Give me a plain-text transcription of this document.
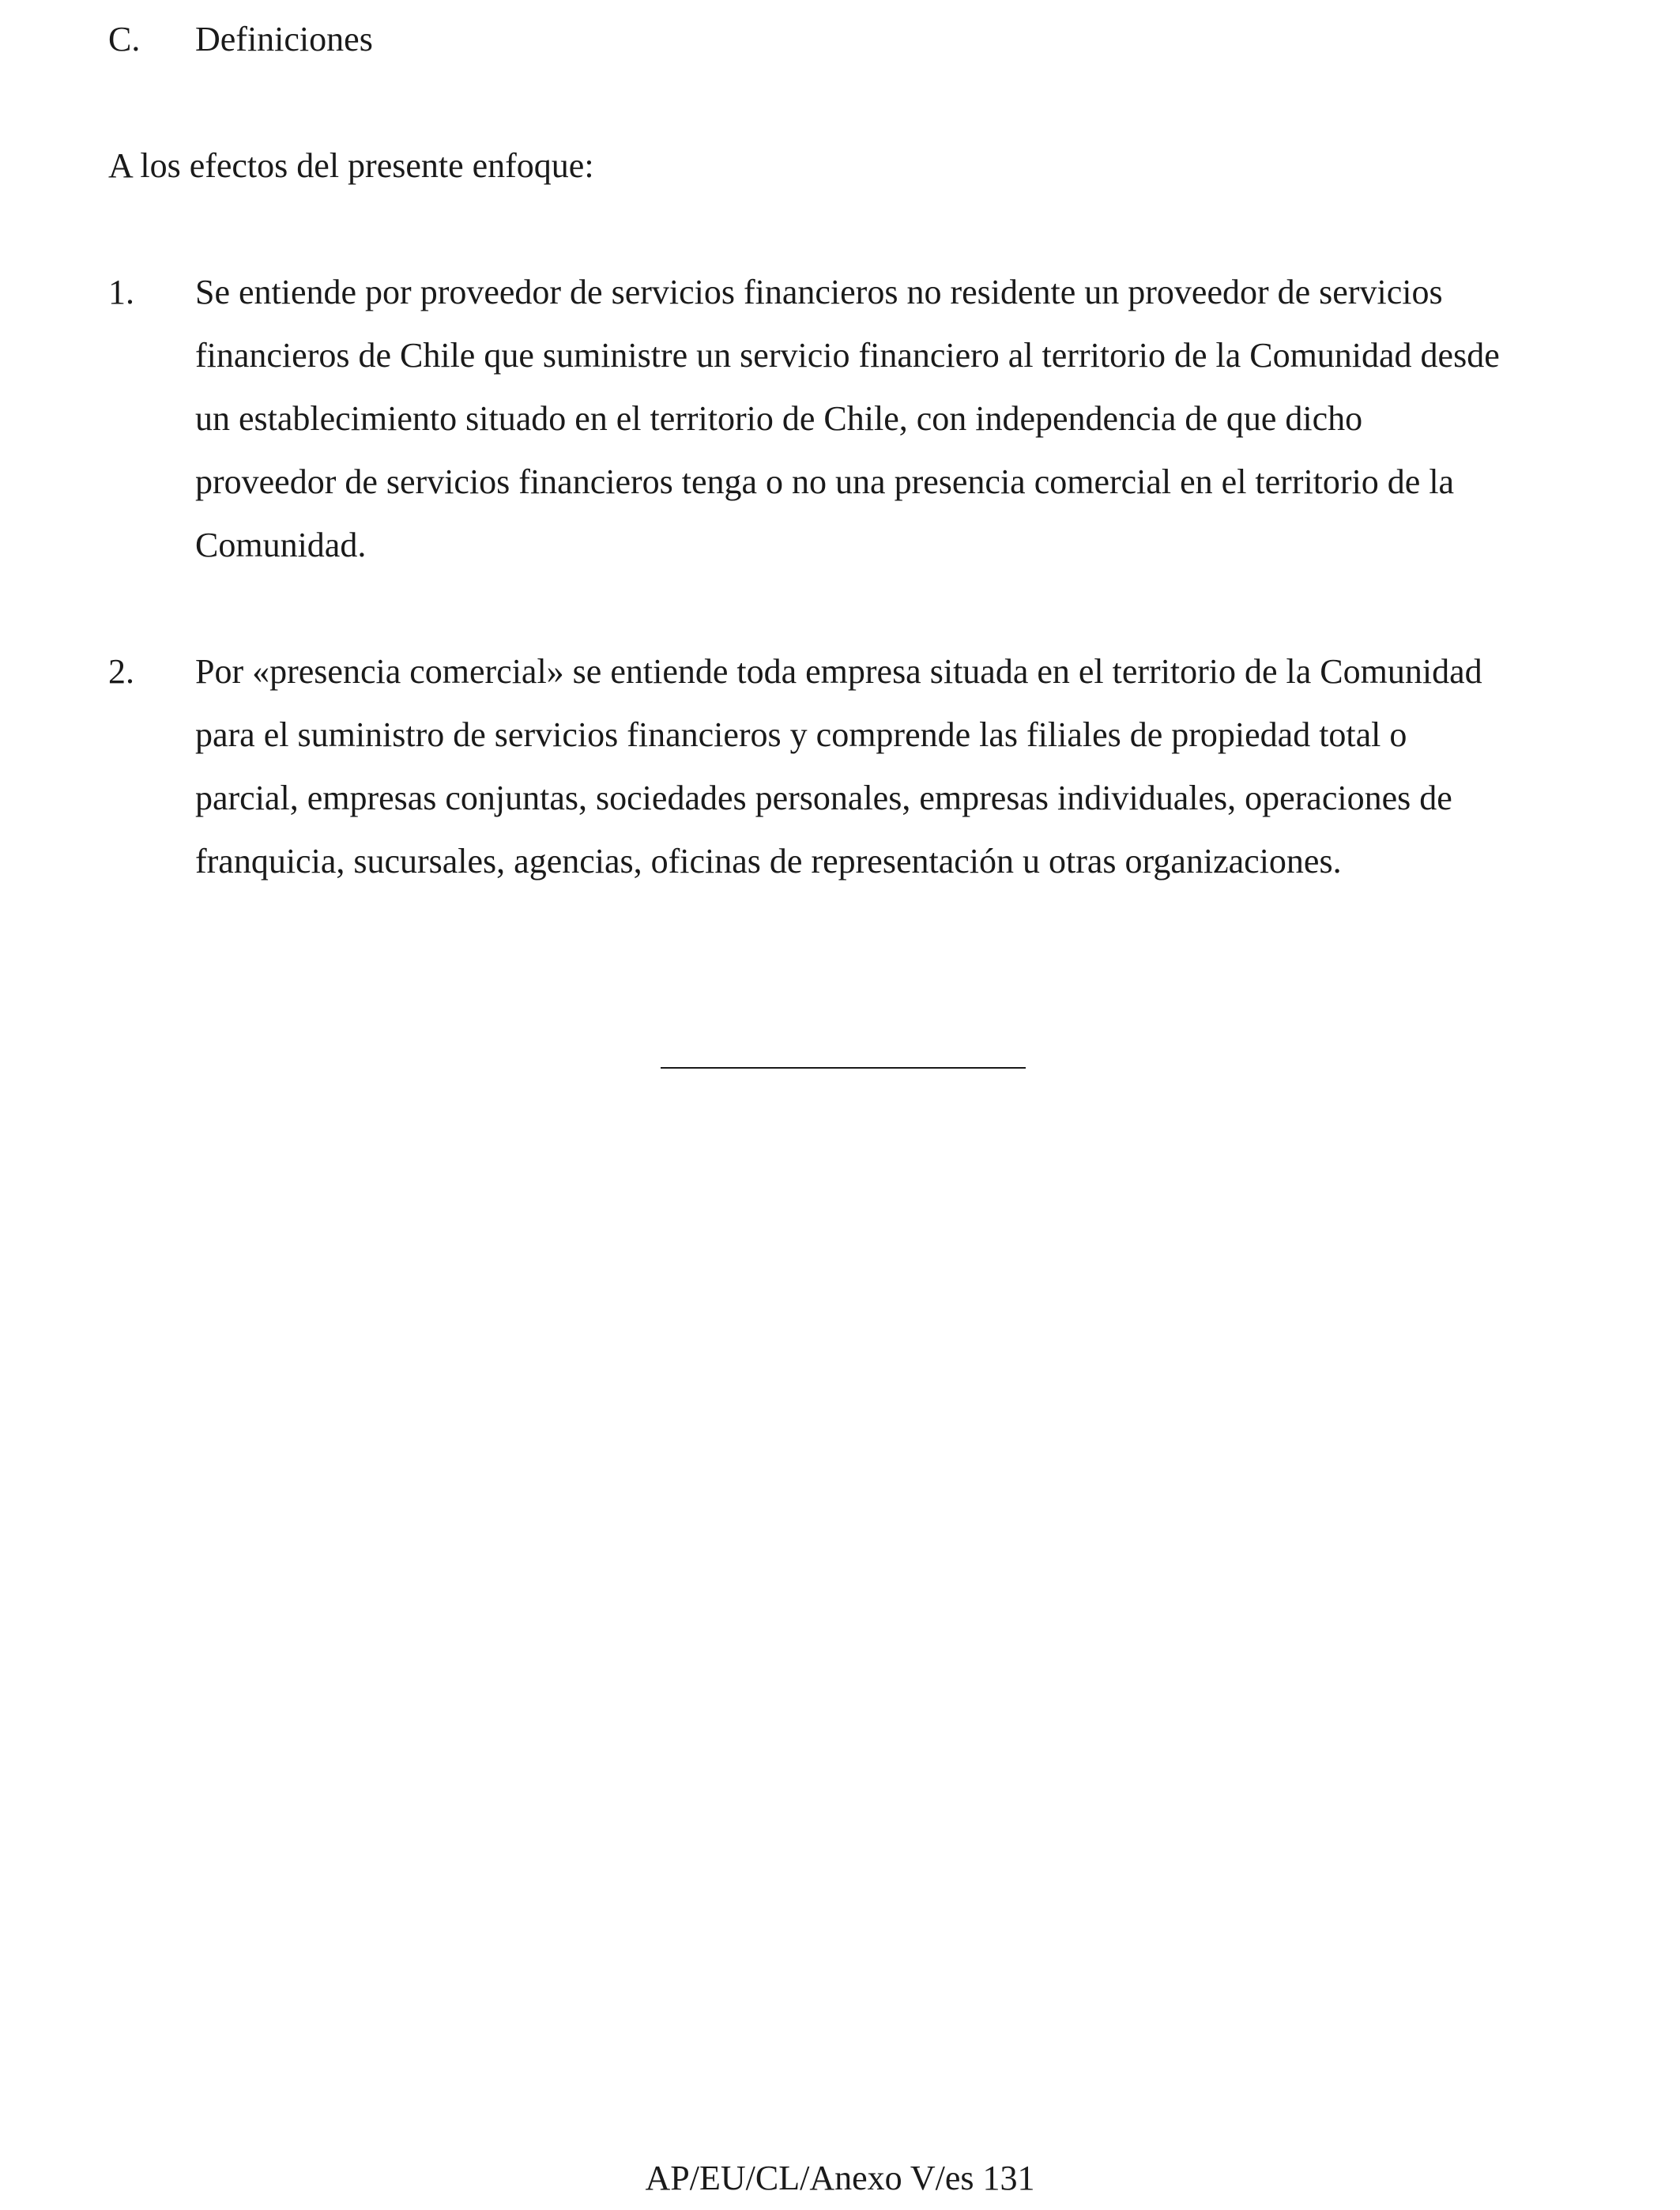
C. Definiciones
A los efectos del presente enfoque:
1. Se entiende por proveedor de servicios financieros no residente un proveedor de servicios
financieros de Chile que suministre un servicio financiero al territorio de la Comunidad desde
un establecimiento situado en el territorio de Chile, con independencia de que dicho
proveedor de servicios financieros tenga o no una presencia comercial en el territorio de la
Comunidad.
2. Por «presencia comercial» se entiende toda empresa situada en el territorio de la Comunidad
para el suministro de servicios financieros y comprende las filiales de propiedad total o
parcial, empresas conjuntas, sociedades personales, empresas individuales, operaciones de
franquicia, sucursales, agencias, oficinas de representación u otras organizaciones.
AP/EU/CL/Anexo V/es 131
